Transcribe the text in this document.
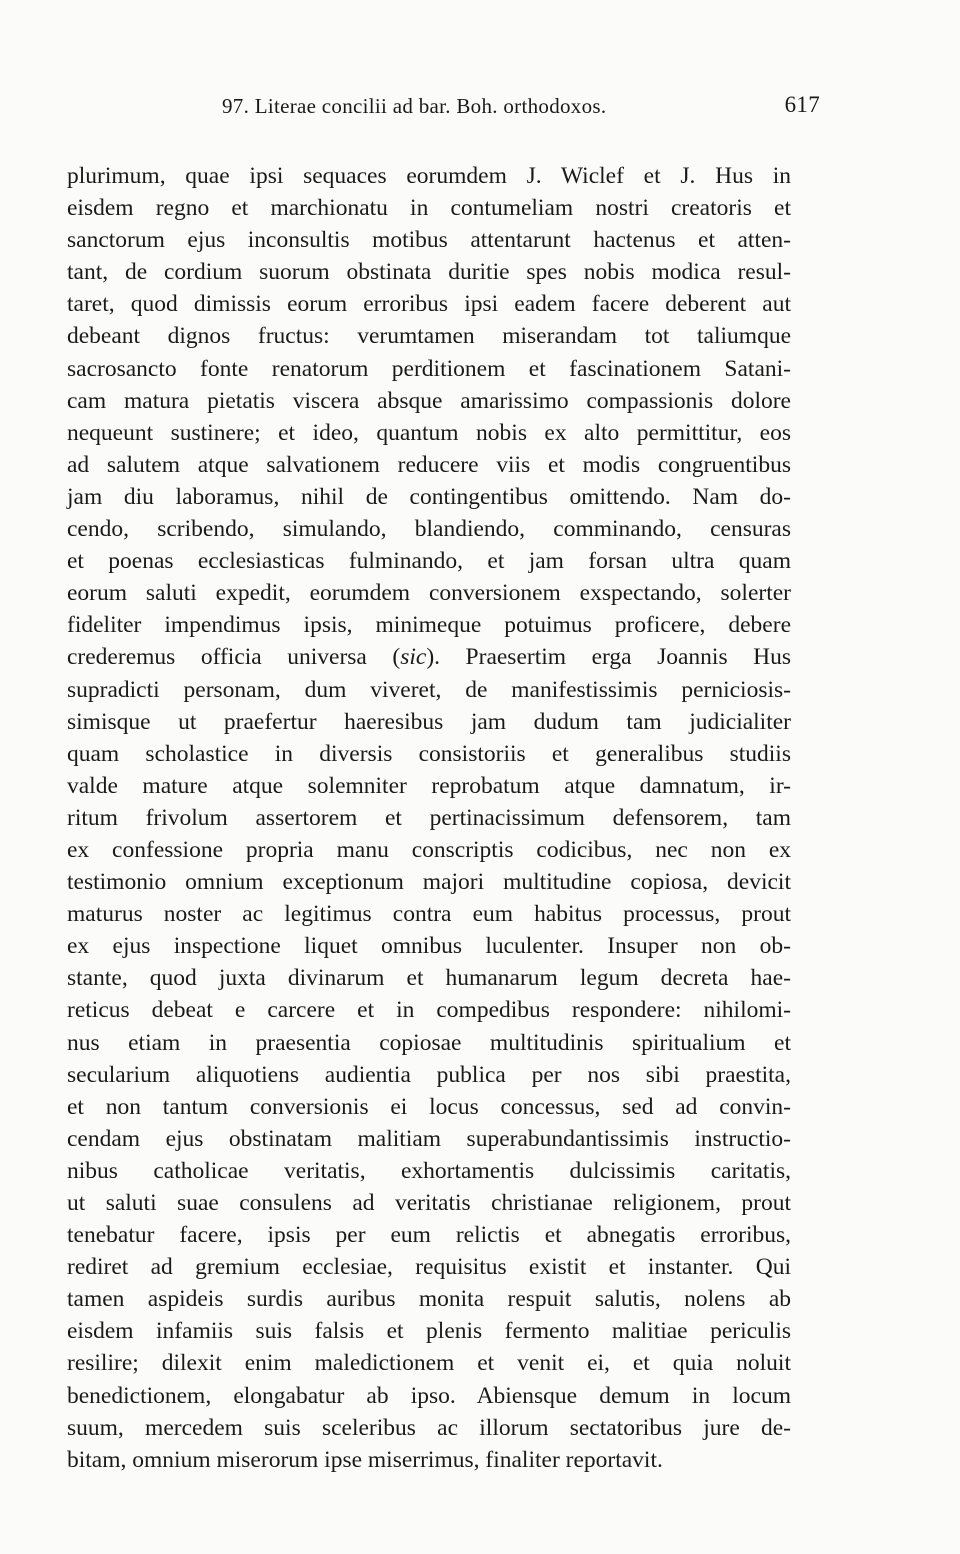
97. Literae concilii ad bar. Boh. orthodoxos.	617
plurimum, quae ipsi sequaces eorumdem J. Wiclef et J. Hus in
eisdem regno et marchionatu in contumeliam nostri creatoris et
sanctorum ejus inconsultis motibus attentarunt hactenus et atten-
tant, de cordium suorum obstinata duritie spes nobis modica resul-
taret, quod dimissis eorum erroribus ipsi eadem facere deberent aut
debeant dignos fructus: verumtamen miserandam tot taliumque
sacrosancto fonte renatorum perditionem et fascinationem Satani-
cam matura pietatis viscera absque amarissimo compassionis dolore
nequeunt sustinere; et ideo, quantum nobis ex alto permittitur, eos
ad salutem atque salvationem reducere viis et modis congruentibus
jam diu laboramus, nihil de contingentibus omittendo. Nam do-
cendo, scribendo, simulando, blandiendo, comminando, censuras
et poenas ecclesiasticas fulminando, et jam forsan ultra quam
eorum saluti expedit, eorumdem conversionem exspectando, solerter
fideliter impendimus ipsis, minimeque potuimus proficere, debere
crederemus officia universa (sic). Praesertim erga Joannis Hus
supradicti personam, dum viveret, de manifestissimis perniciosis-
simisque ut praefertur haeresibus jam dudum tam judicialiter
quam scholastice in diversis consistoriis et generalibus studiis
valde mature atque solemniter reprobatum atque damnatum, ir-
ritum frivolum assertorem et pertinacissimum defensorem, tam
ex confessione propria manu conscriptis codicibus, nec non ex
testimonio omnium exceptionum majori multitudine copiosa, devicit
maturus noster ac legitimus contra eum habitus processus, prout
ex ejus inspectione liquet omnibus luculenter. Insuper non ob-
stante, quod juxta divinarum et humanarum legum decreta hae-
reticus debeat e carcere et in compedibus respondere: nihilomi-
nus etiam in praesentia copiosae multitudinis spiritualium et
secularium aliquotiens audientia publica per nos sibi praestita,
et non tantum conversionis ei locus concessus, sed ad convin-
cendam ejus obstinatam malitiam superabundantissimis instructio-
nibus catholicae veritatis, exhortamentis dulcissimis caritatis,
ut saluti suae consulens ad veritatis christianae religionem, prout
tenebatur facere, ipsis per eum relictis et abnegatis erroribus,
rediret ad gremium ecclesiae, requisitus existit et instanter. Qui
tamen aspideis surdis auribus monita respuit salutis, nolens ab
eisdem infamiis suis falsis et plenis fermento malitiae periculis
resilire; dilexit enim maledictionem et venit ei, et quia noluit
benedictionem, elongabatur ab ipso. Abiensque demum in locum
suum, mercedem suis sceleribus ac illorum sectatoribus jure de-
bitam, omnium miserorum ipse miserrimus, finaliter reportavit.
